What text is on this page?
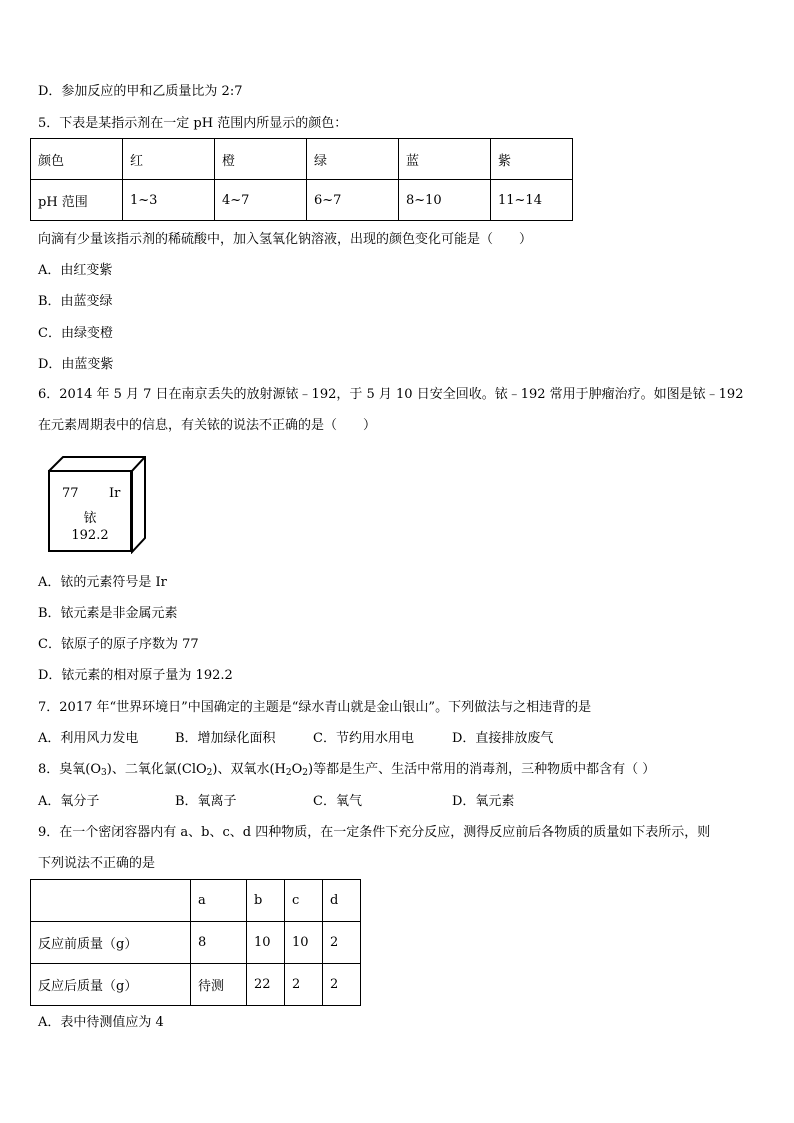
D．参加反应的甲和乙质量比为 2:7
5．下表是某指示剂在一定 pH 范围内所显示的颜色：
颜色	红	橙	绿	蓝	紫
pH 范围	1~3	4~7	6~7	8~10	11~14
向滴有少量该指示剂的稀硫酸中，加入氢氧化钠溶液，出现的颜色变化可能是（　　）
A．由红变紫
B．由蓝变绿
C．由绿变橙
D．由蓝变紫
6．2014 年 5 月 7 日在南京丢失的放射源铱﹣192，于 5 月 10 日安全回收。铱﹣192 常用于肿瘤治疗。如图是铱﹣192
在元素周期表中的信息，有关铱的说法不正确的是（　　）
77 Ir
铱
192.2
A．铱的元素符号是 Ir
B．铱元素是非金属元素
C．铱原子的原子序数为 77
D．铱元素的相对原子量为 192.2
7．2017 年“世界环境日”中国确定的主题是“绿水青山就是金山银山”。下列做法与之相违背的是
A．利用风力发电	B．增加绿化面积	C．节约用水用电	D．直接排放废气
8．臭氧$(O_3)$、二氧化氯(ClO$_2$)、双氧水$(H_2O_2)$等都是生产、生活中常用的消毒剂，三种物质中都含有（ ）
A．氧分子	B．氧离子	C．氧气	D．氧元素
9．在一个密闭容器内有 a、b、c、d 四种物质，在一定条件下充分反应，测得反应前后各物质的质量如下表所示，则
下列说法不正确的是
	a	b	c	d
反应前质量（g）	8	10	10	2
反应后质量（g）	待测	22	2	2
A．表中待测值应为 4
